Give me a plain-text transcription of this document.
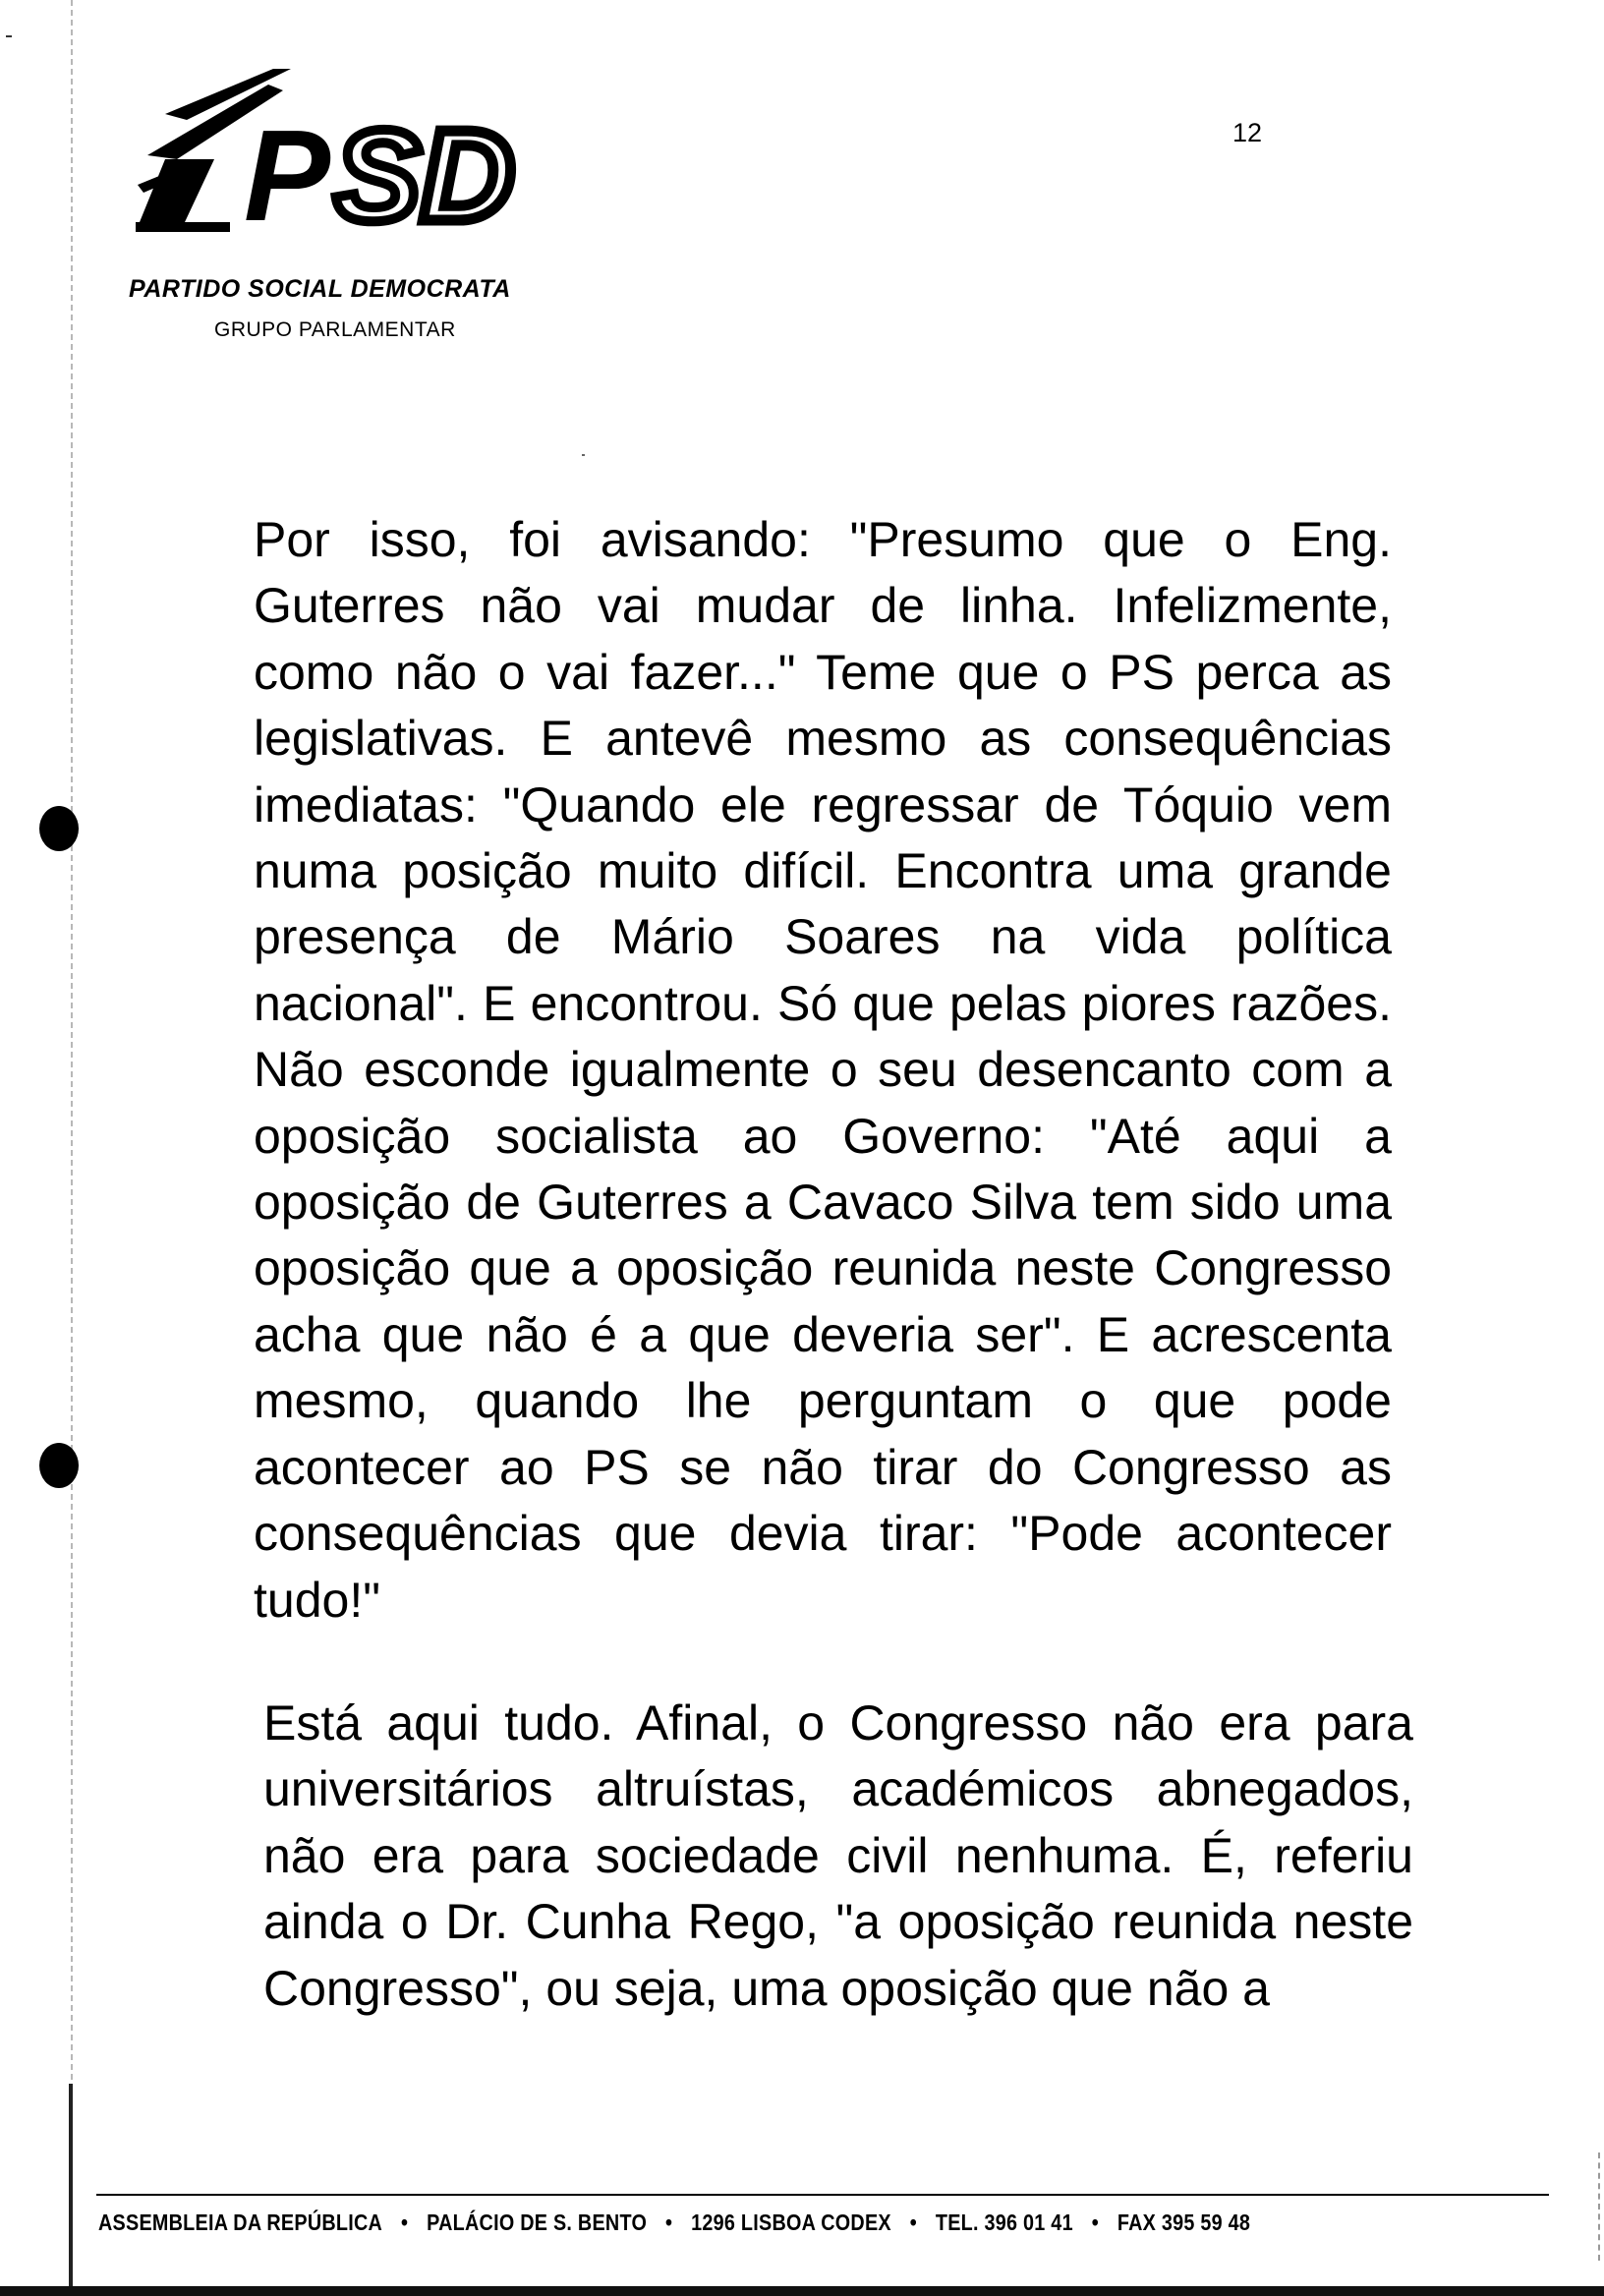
P S D
PARTIDO SOCIAL DEMOCRATA
GRUPO PARLAMENTAR
12
Por isso, foi avisando: "Presumo que o Eng. Guterres não vai mudar de linha. Infelizmente, como não o vai fazer..." Teme que o PS perca as legislativas. E antevê mesmo as consequências imediatas: "Quando ele regressar de Tóquio vem numa posição muito difícil. Encontra uma grande presença de Mário Soares na vida política nacional". E encontrou. Só que pelas piores razões. Não esconde igualmente o seu desencanto com a oposição socialista ao Governo: "Até aqui a oposição de Guterres a Cavaco Silva tem sido uma oposição que a oposição reunida neste Congresso acha que não é a que deveria ser". E acrescenta mesmo, quando lhe perguntam o que pode acontecer ao PS se não tirar do Congresso as consequências que devia tirar: "Pode acontecer tudo!"
Está aqui tudo. Afinal, o Congresso não era para universitários altruístas, académicos abnegados, não era para sociedade civil nenhuma. É, referiu ainda o Dr. Cunha Rego, "a oposição reunida neste Congresso", ou seja, uma oposição que não a
ASSEMBLEIA DA REPÚBLICA • PALÁCIO DE S. BENTO • 1296 LISBOA CODEX • TEL. 396 01 41 • FAX 395 59 48
